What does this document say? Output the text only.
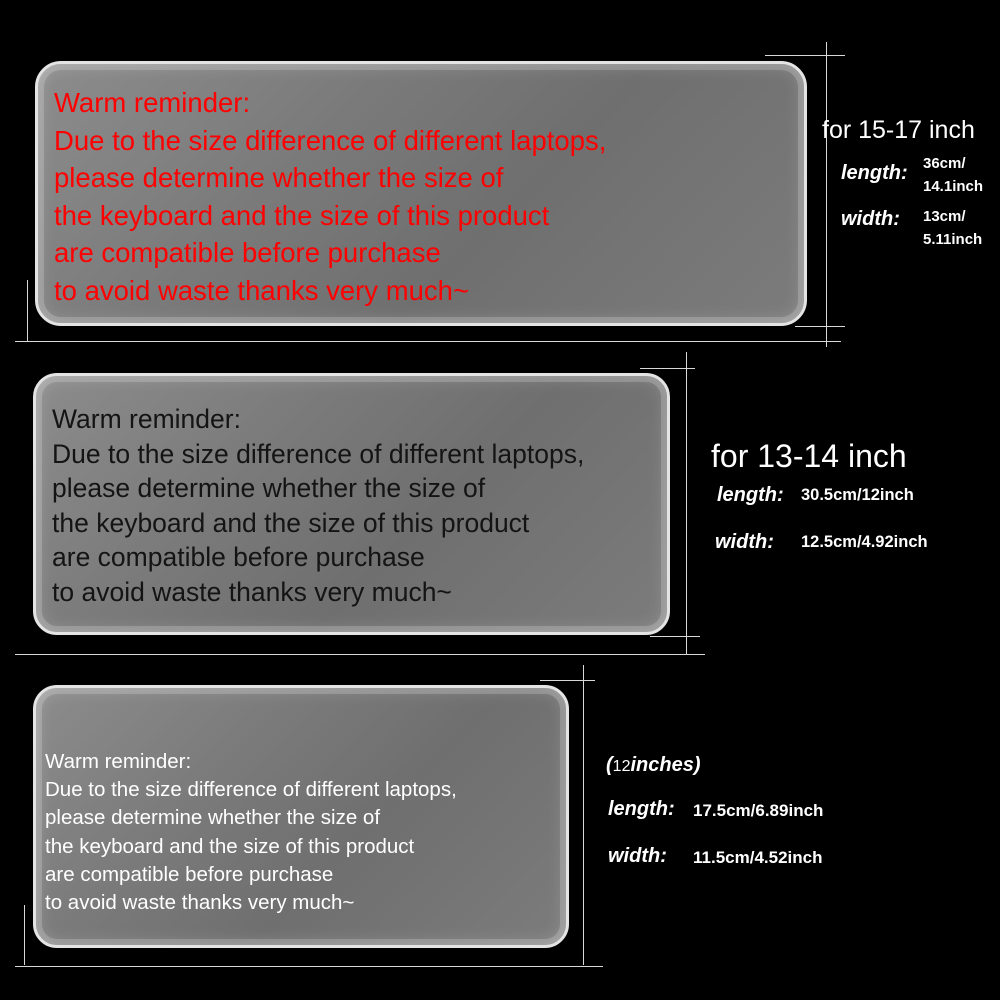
Warm reminder:
Due to the size difference of different laptops,
please determine whether the size of
the keyboard and the size of this product
are compatible before purchase
to avoid waste thanks very much~
Warm reminder:
Due to the size difference of different laptops,
please determine whether the size of
the keyboard and the size of this product
are compatible before purchase
to avoid waste thanks very much~
Warm reminder:
Due to the size difference of different laptops,
please determine whether the size of
the keyboard and the size of this product
are compatible before purchase
to avoid waste thanks very much~
for 15-17 inch
length: 36cm/
14.1inch
width: 13cm/
5.11inch
for 13-14 inch
length: 30.5cm/12inch
width: 12.5cm/4.92inch
(12inches)
length: 17.5cm/6.89inch
width: 11.5cm/4.52inch
